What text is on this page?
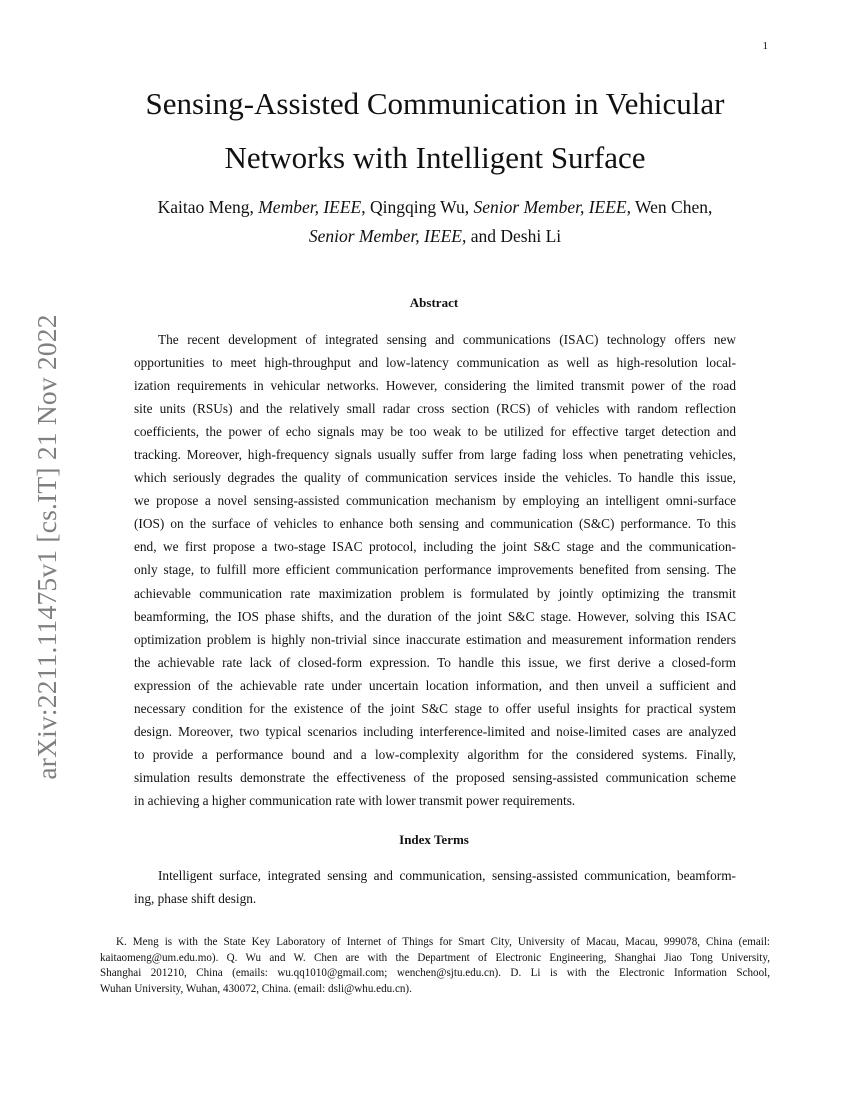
1
arXiv:2211.11475v1 [cs.IT] 21 Nov 2022
Sensing-Assisted Communication in Vehicular
Networks with Intelligent Surface
Kaitao Meng, Member, IEEE, Qingqing Wu, Senior Member, IEEE, Wen Chen,
Senior Member, IEEE, and Deshi Li
Abstract
The recent development of integrated sensing and communications (ISAC) technology offers new
opportunities to meet high-throughput and low-latency communication as well as high-resolution local-
ization requirements in vehicular networks. However, considering the limited transmit power of the road
site units (RSUs) and the relatively small radar cross section (RCS) of vehicles with random reflection
coefficients, the power of echo signals may be too weak to be utilized for effective target detection and
tracking. Moreover, high-frequency signals usually suffer from large fading loss when penetrating vehicles,
which seriously degrades the quality of communication services inside the vehicles. To handle this issue,
we propose a novel sensing-assisted communication mechanism by employing an intelligent omni-surface
(IOS) on the surface of vehicles to enhance both sensing and communication (S&C) performance. To this
end, we first propose a two-stage ISAC protocol, including the joint S&C stage and the communication-
only stage, to fulfill more efficient communication performance improvements benefited from sensing. The
achievable communication rate maximization problem is formulated by jointly optimizing the transmit
beamforming, the IOS phase shifts, and the duration of the joint S&C stage. However, solving this ISAC
optimization problem is highly non-trivial since inaccurate estimation and measurement information renders
the achievable rate lack of closed-form expression. To handle this issue, we first derive a closed-form
expression of the achievable rate under uncertain location information, and then unveil a sufficient and
necessary condition for the existence of the joint S&C stage to offer useful insights for practical system
design. Moreover, two typical scenarios including interference-limited and noise-limited cases are analyzed
to provide a performance bound and a low-complexity algorithm for the considered systems. Finally,
simulation results demonstrate the effectiveness of the proposed sensing-assisted communication scheme
in achieving a higher communication rate with lower transmit power requirements.
Index Terms
Intelligent surface, integrated sensing and communication, sensing-assisted communication, beamform-
ing, phase shift design.
K. Meng is with the State Key Laboratory of Internet of Things for Smart City, University of Macau, Macau, 999078, China (email:
kaitaomeng@um.edu.mo). Q. Wu and W. Chen are with the Department of Electronic Engineering, Shanghai Jiao Tong University,
Shanghai 201210, China (emails: wu.qq1010@gmail.com; wenchen@sjtu.edu.cn). D. Li is with the Electronic Information School,
Wuhan University, Wuhan, 430072, China. (email: dsli@whu.edu.cn).
